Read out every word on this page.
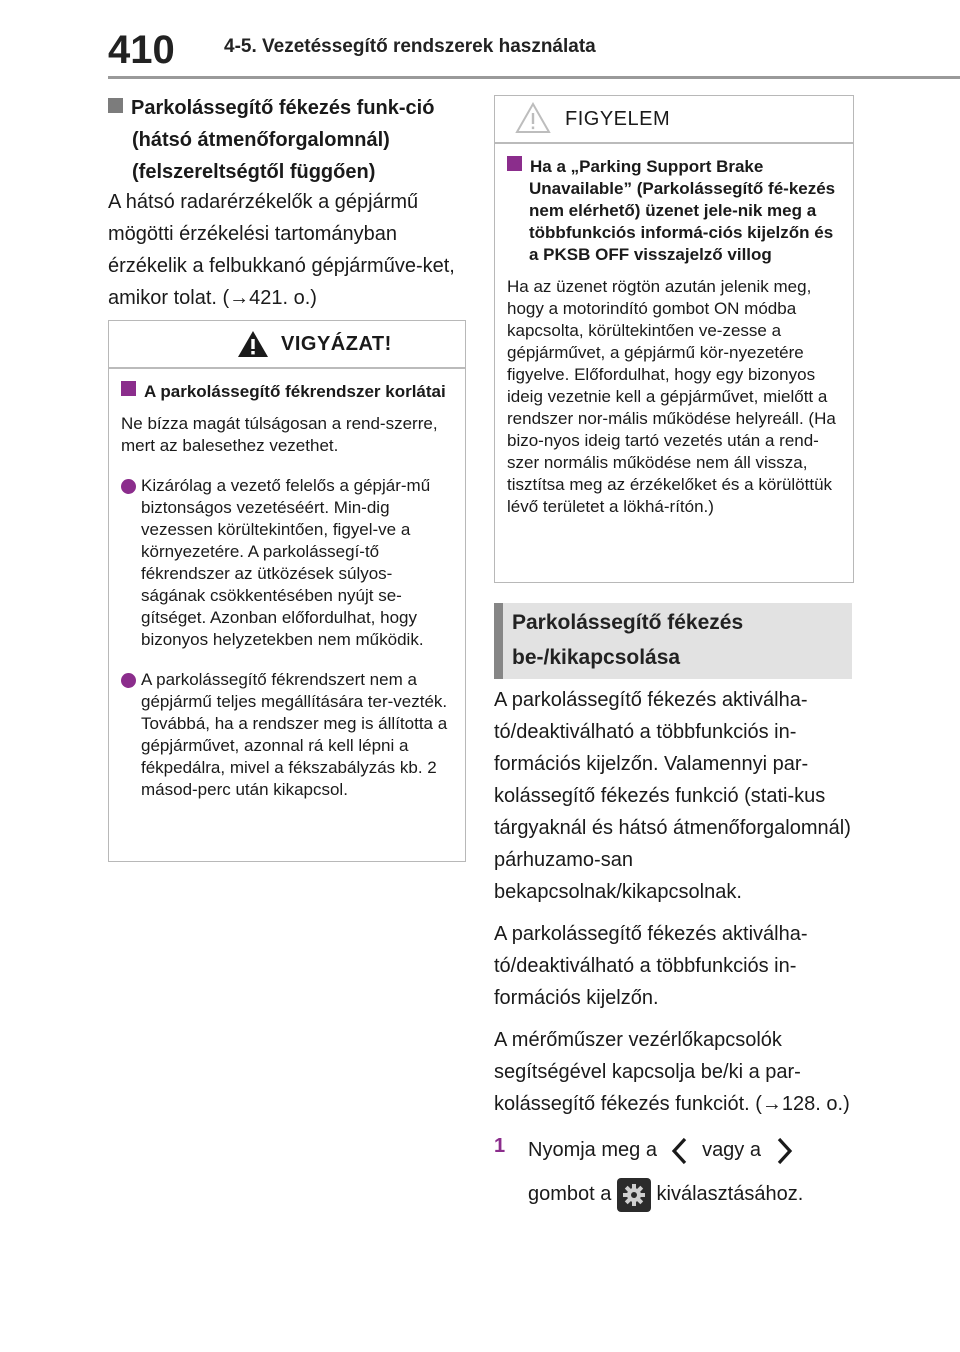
410	4-5. Vezetéssegítő rendszerek használata
Parkolássegítő fékezés funk-ció (hátsó átmenőforgalomnál) (felszereltségtől függően)

A hátsó radarérzékelők a gépjármű mögötti érzékelési tartományban érzékelik a felbukkanó gépjárműve-ket, amikor tolat. (→421. o.)

VIGYÁZAT!
A parkolássegítő fékrendszer korlátai

Ne bízza magát túlságosan a rend-szerre, mert az balesethez vezethet.

Kizárólag a vezető felelős a gépjár-mű biztonságos vezetéséért. Min-dig vezessen körültekintően, figyel-ve a környezetére. A parkolássegí-tő fékrendszer az ütközések súlyos-ságának csökkentésében nyújt se-gítséget. Azonban előfordulhat, hogy bizonyos helyzetekben nem működik.
A parkolássegítő fékrendszert nem a gépjármű teljes megállítására ter-vezték. Továbbá, ha a rendszer meg is állította a gépjárművet, azonnal rá kell lépni a fékpedálra, mivel a fékszabályzás kb. 2 másod-perc után kikapcsol.
FIGYELEM
Ha a „Parking Support Brake Unavailable” (Parkolássegítő fé-kezés nem elérhető) üzenet jele-nik meg a többfunkciós informá-ciós kijelzőn és a PKSB OFF visszajelző villog

Ha az üzenet rögtön azután jelenik meg, hogy a motorindító gombot ON módba kapcsolta, körültekintően ve-zesse a gépjárművet, a gépjármű kör-nyezetére figyelve. Előfordulhat, hogy egy bizonyos ideig vezetnie kell a gépjárművet, mielőtt a rendszer nor-mális működése helyreáll. (Ha bizo-nyos ideig tartó vezetés után a rend-szer normális működése nem áll vissza, tisztítsa meg az érzékelőket és a körülöttük lévő területet a lökhá-rítón.)

Parkolássegítő fékezés
be-/kikapcsolása

A parkolássegítő fékezés aktiválha-tó/deaktiválható a többfunkciós in-formációs kijelzőn. Valamennyi par-kolássegítő fékezés funkció (stati-kus tárgyaknál és hátsó átmenőforgalomnál) párhuzamo-san bekapcsolnak/kikapcsolnak.

A parkolássegítő fékezés aktiválha-tó/deaktiválható a többfunkciós in-formációs kijelzőn.

A mérőműszer vezérlőkapcsolók segítségével kapcsolja be/ki a par-kolássegítő fékezés funkciót. (→128. o.)

1 Nyomja meg a vagy a
gombot a kiválasztásához.
